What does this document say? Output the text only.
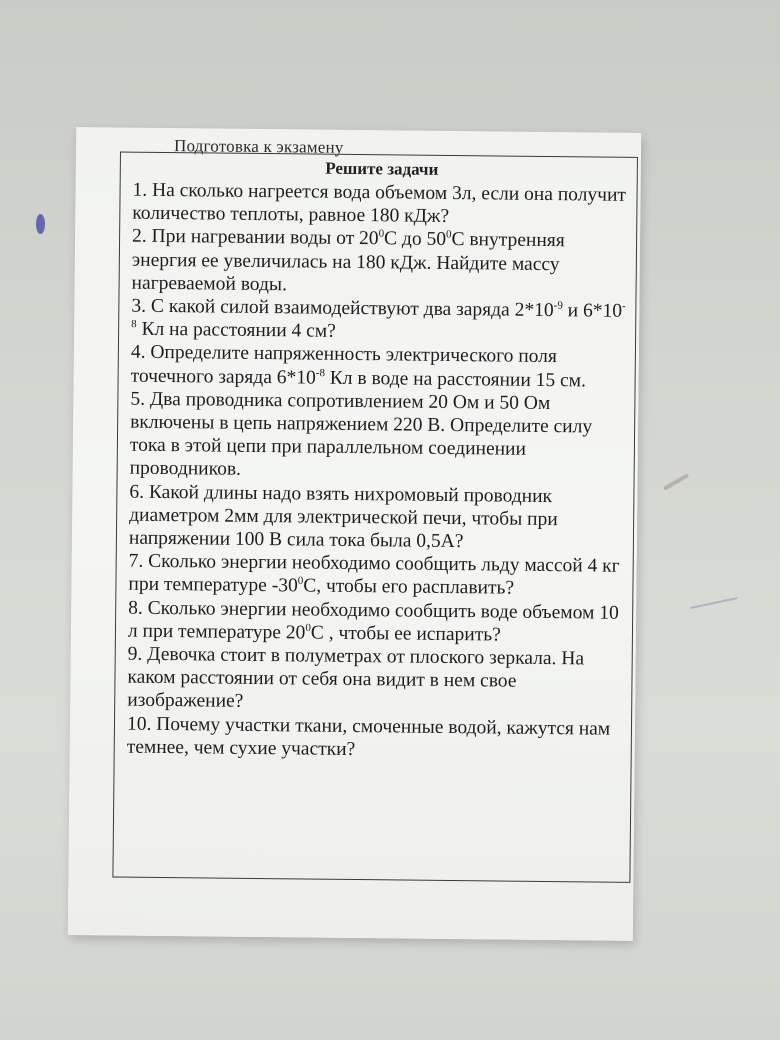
Подготовка к экзамену
Решите задачи

1. На сколько нагреется вода объемом 3л, если она получит количество теплоты, равное 180 кДж?

2. При нагревании воды от $20^0С$ до $50^0С$ внутренняя энергия ее увеличилась на 180 кДж. Найдите массу нагреваемой воды.

3. С какой силой взаимодействуют два заряда $2*10^{-9}$ и $6*10^{-8}$ Кл на расстоянии 4 см?

4. Определите напряженность электрического поля точечного заряда $6*10^{-8}$ Кл в воде на расстоянии 15 см.

5. Два проводника сопротивлением 20 Ом и 50 Ом включены в цепь напряжением 220 В. Определите силу тока в этой цепи при параллельном соединении проводников.

6. Какой длины надо взять нихромовый проводник диаметром 2мм для электрической печи, чтобы при напряжении 100 В сила тока была 0,5А?

7. Сколько энергии необходимо сообщить льду массой 4 кг при температуре $-30^0С$, чтобы его расплавить?

8. Сколько энергии необходимо сообщить воде объемом 10 л при температуре $20^0С$ , чтобы ее испарить?

9. Девочка стоит в полуметрах от плоского зеркала. На каком расстоянии от себя она видит в нем свое изображение?

10. Почему участки ткани, смоченные водой, кажутся нам темнее, чем сухие участки?
